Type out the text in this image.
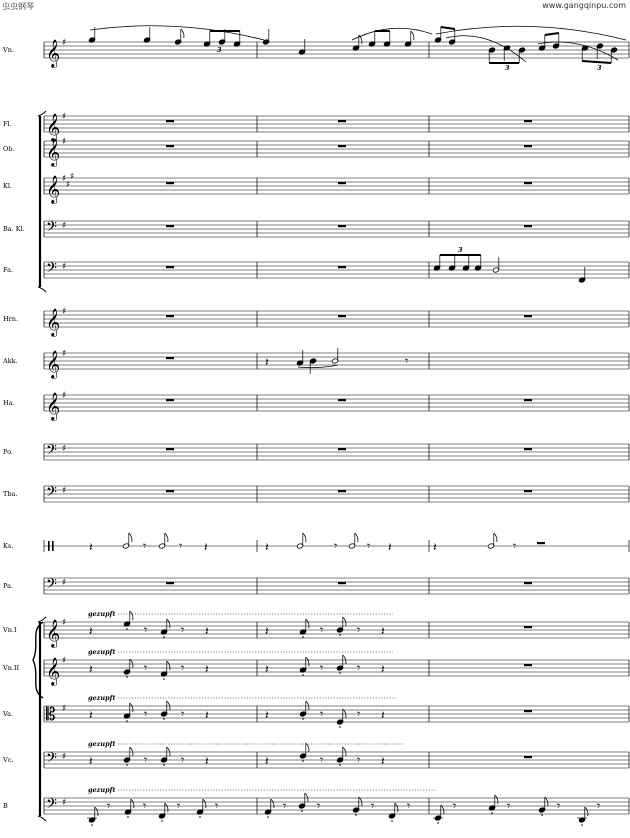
虫虫钢琴	www.gangqinpu.com
Vn.
Fl.
Ob.
Kl.
Ba. Kl.
Fa.
Hrn.
Akk.
Ha.
Po.
Tba.
Ks.
Pa.
Vn.I
Vn.II
Va.
Vc.
B
𝄞 ♯
𝄞 ♯
𝄞 ♯
𝄞 ♯
♯
♯
𝄢 ♯
𝄢 ♯
𝄞 ♯
𝄞 ♯
𝄞 ♯
𝄢 ♯
𝄢 ♯
𝄢 ♯
𝄞 ♯
𝄞 ♯
𝄡 ♯
𝄢 ♯
𝄢 ♯
3
3	3
3
𝄽	𝄾
𝄽	𝄾	𝄾 𝄽	𝄽	𝄾 𝄾 𝄽	𝄽	𝄾
gezupft
gezupft
gezupft
gezupft
gezupft
𝄽	𝄾	𝄾 𝄽	𝄽	𝄾	𝄾 𝄽
𝄽	𝄾	𝄾 𝄽	𝄽	𝄾	𝄾 𝄽
𝄽	𝄾	𝄾 𝄽	𝄽	𝄾	𝄾 𝄽
𝄽	𝄾	𝄾 𝄽	𝄽	𝄾	𝄾 𝄽
𝄾	𝄾	𝄾	𝄾	𝄾	𝄾	𝄾	𝄾	𝄾	𝄾	𝄾	𝄾
